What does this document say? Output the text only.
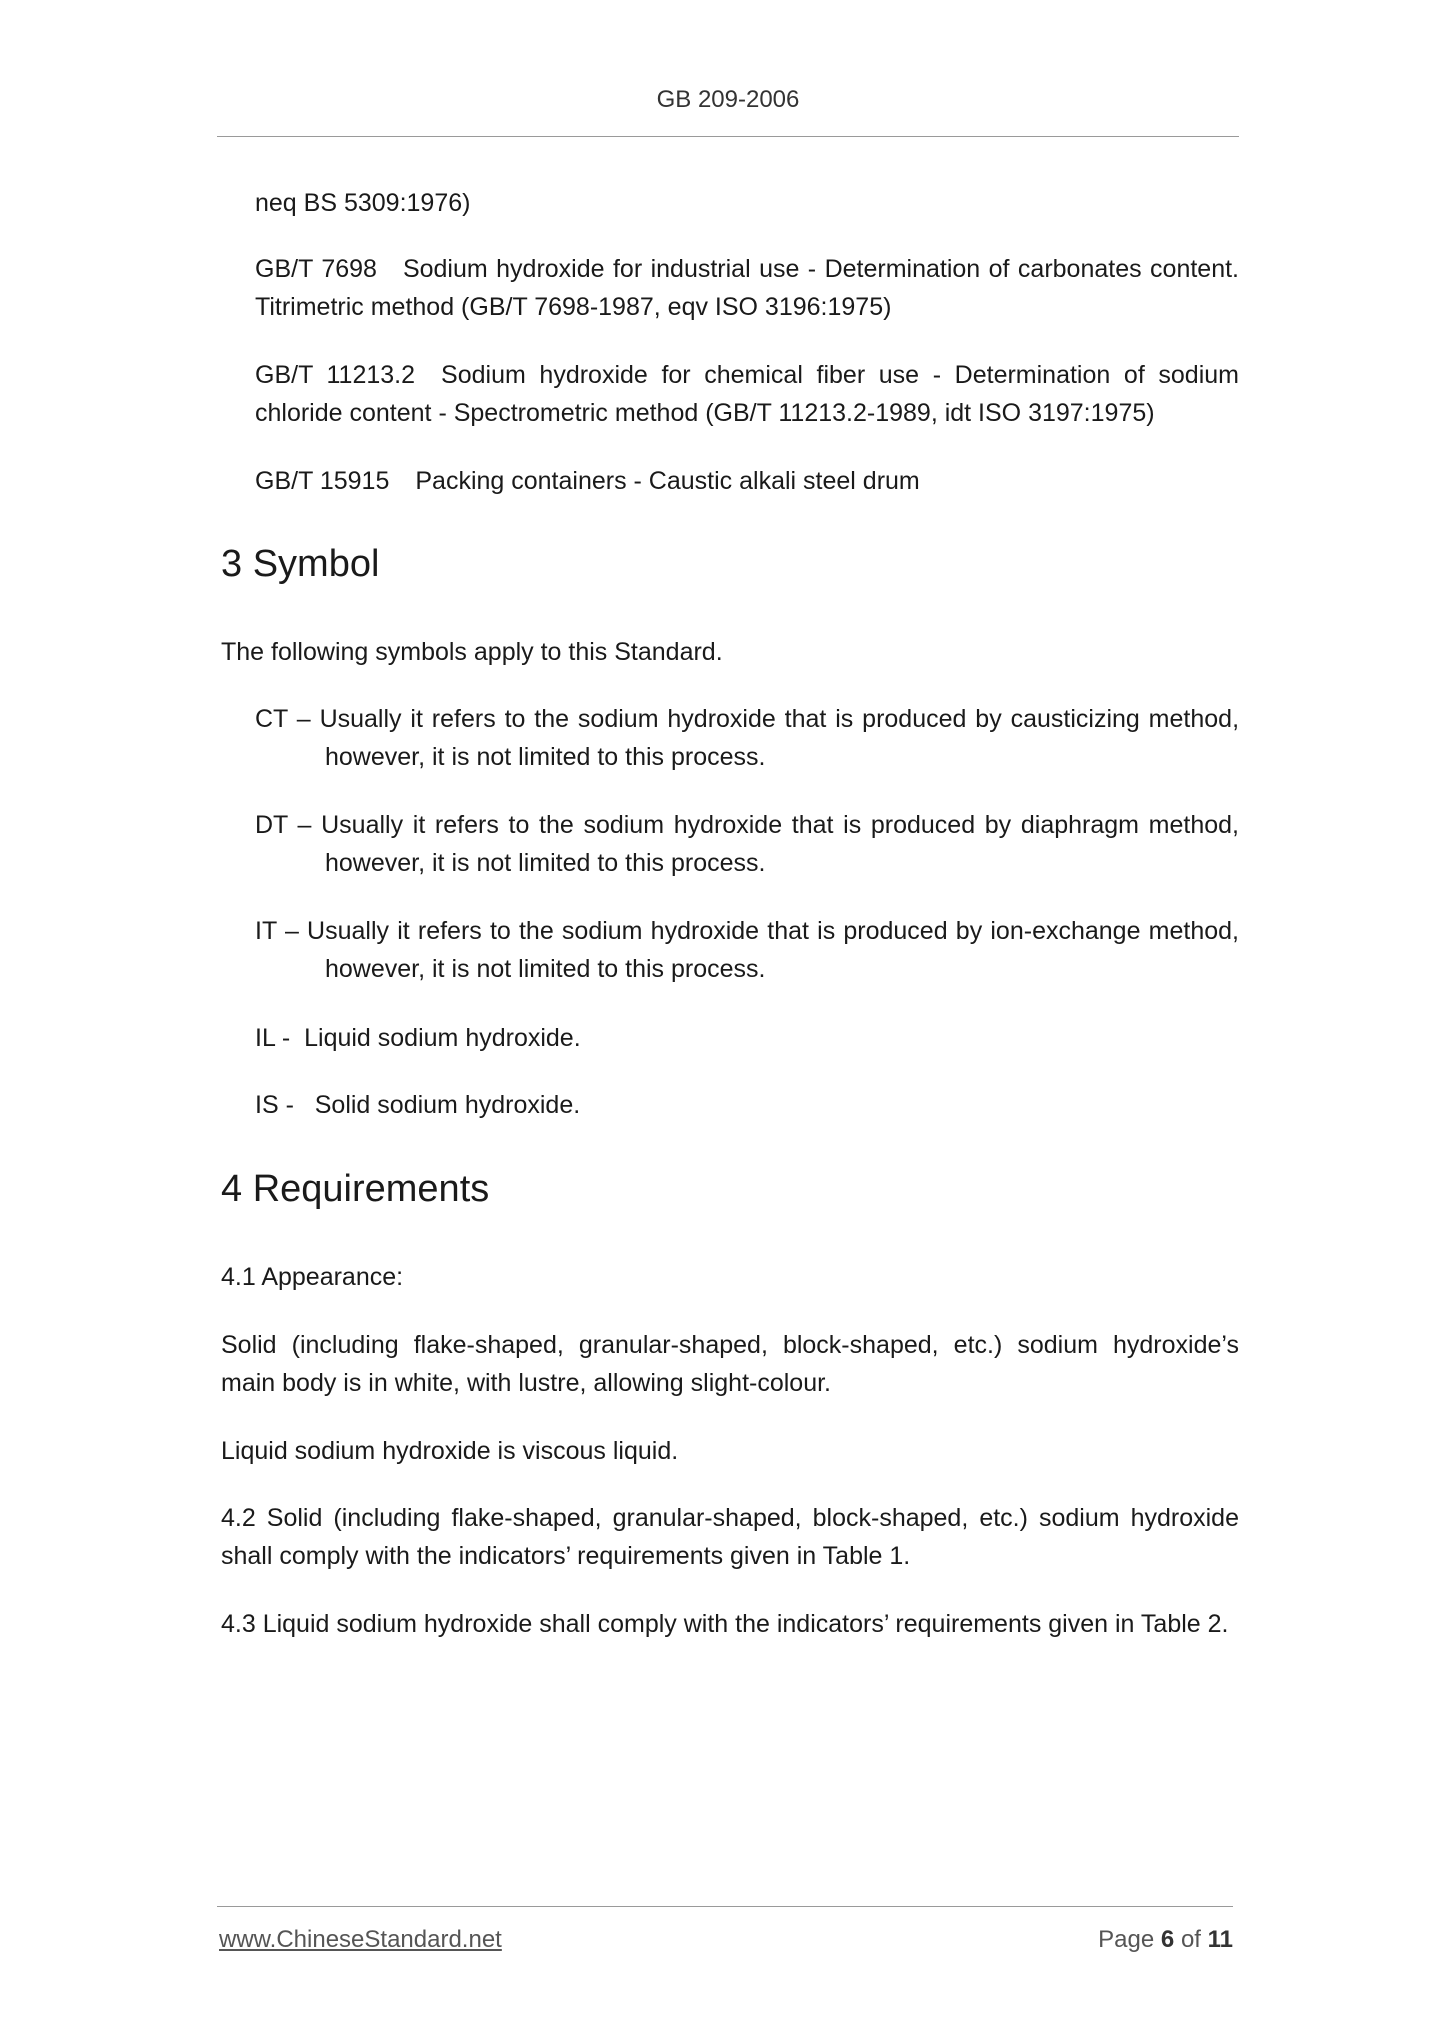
GB 209-2006

neq BS 5309:1976)

GB/T 7698 Sodium hydroxide for industrial use - Determination of carbonates content. Titrimetric method (GB/T 7698-1987, eqv ISO 3196:1975)

GB/T 11213.2 Sodium hydroxide for chemical fiber use - Determination of sodium chloride content - Spectrometric method (GB/T 11213.2-1989, idt ISO 3197:1975)

GB/T 15915 Packing containers - Caustic alkali steel drum

3 Symbol

The following symbols apply to this Standard.

CT – Usually it refers to the sodium hydroxide that is produced by causticizing method, however, it is not limited to this process.

DT – Usually it refers to the sodium hydroxide that is produced by diaphragm method, however, it is not limited to this process.

IT – Usually it refers to the sodium hydroxide that is produced by ion-exchange method, however, it is not limited to this process.

IL - Liquid sodium hydroxide.

IS - Solid sodium hydroxide.

4 Requirements

4.1 Appearance:

Solid (including flake-shaped, granular-shaped, block-shaped, etc.) sodium hydroxide’s main body is in white, with lustre, allowing slight-colour.

Liquid sodium hydroxide is viscous liquid.

4.2 Solid (including flake-shaped, granular-shaped, block-shaped, etc.) sodium hydroxide shall comply with the indicators’ requirements given in Table 1.

4.3 Liquid sodium hydroxide shall comply with the indicators’ requirements given in Table 2.

www.ChineseStandard.net	Page 6 of 11
